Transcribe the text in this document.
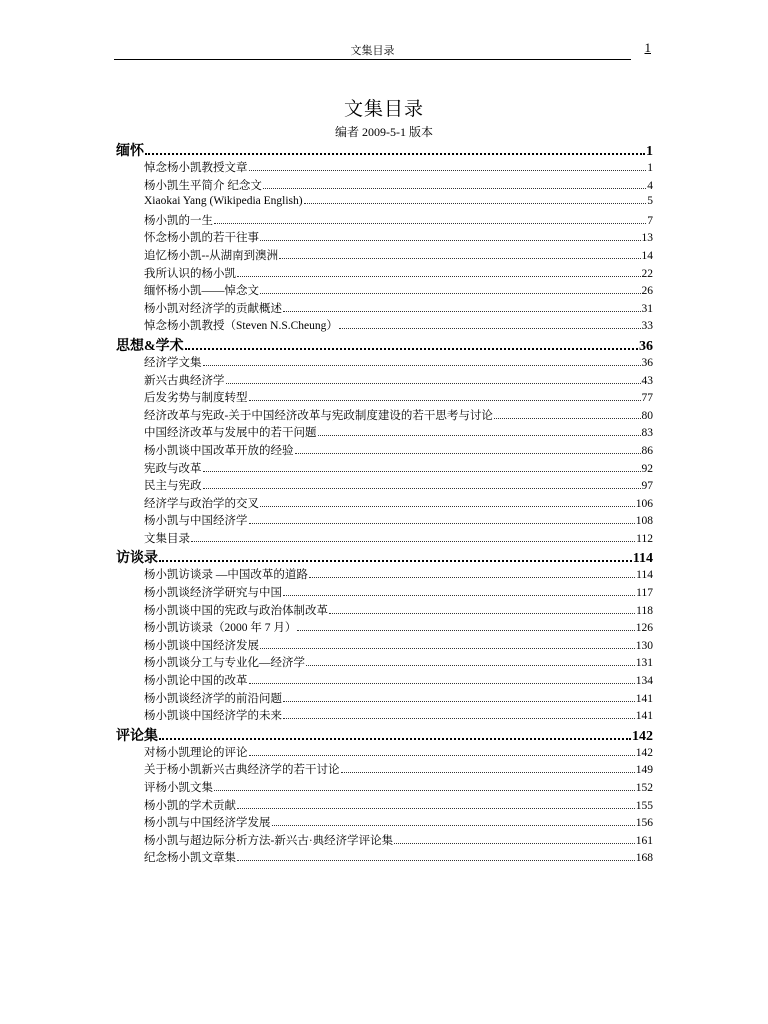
文集目录	1
文集目录
编者 2009-5-1 版本
缅怀	1
悼念杨小凯教授文章	1
杨小凯生平简介 纪念文	4
Xiaokai Yang (Wikipedia English)	5
杨小凯的一生	7
怀念杨小凯的若干往事	13
追忆杨小凯--从湖南到澳洲	14
我所认识的杨小凯	22
缅怀杨小凯——悼念文	26
杨小凯对经济学的贡献概述	31
悼念杨小凯教授（Steven N.S.Cheung）	33
思想&学术	36
经济学文集	36
新兴古典经济学	43
后发劣势与制度转型	77
经济改革与宪政-关于中国经济改革与宪政制度建设的若干思考与讨论	80
中国经济改革与发展中的若干问题	83
杨小凯谈中国改革开放的经验	86
宪政与改革	92
民主与宪政	97
经济学与政治学的交叉	106
杨小凯与中国经济学	108
文集目录	112
访谈录	114
杨小凯访谈录 —中国改革的道路	114
杨小凯谈经济学研究与中国	117
杨小凯谈中国的宪政与政治体制改革	118
杨小凯访谈录（2000 年 7 月）	126
杨小凯谈中国经济发展	130
杨小凯谈分工与专业化—经济学	131
杨小凯论中国的改革	134
杨小凯谈经济学的前沿问题	141
杨小凯谈中国经济学的未来	141
评论集	142
对杨小凯理论的评论	142
关于杨小凯新兴古典经济学的若干讨论	149
评杨小凯文集	152
杨小凯的学术贡献	155
杨小凯与中国经济学发展	156
杨小凯与超边际分析方法-新兴古·典经济学评论集	161
纪念杨小凯文章集	168
